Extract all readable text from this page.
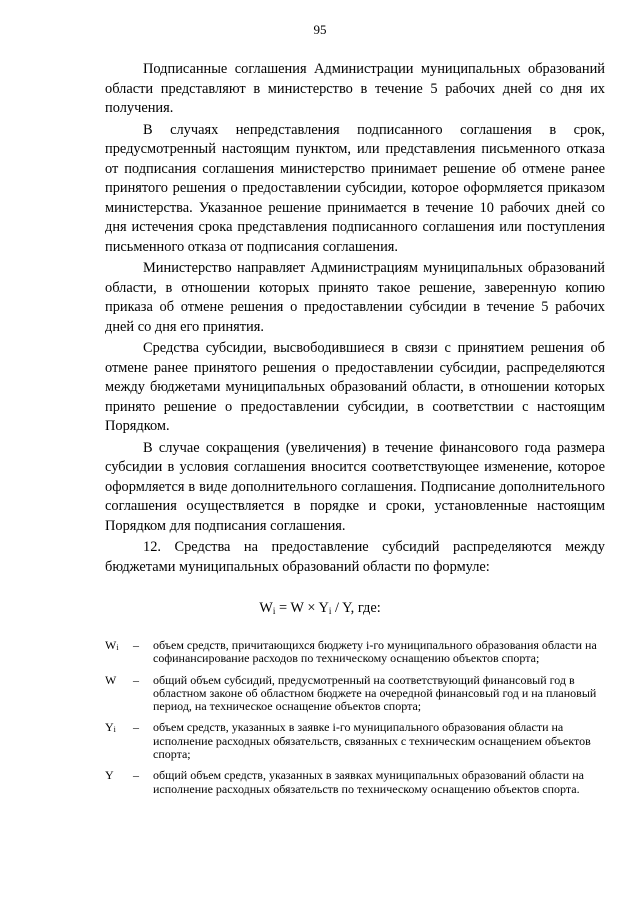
95

Подписанные соглашения Администрации муниципальных образований области представляют в министерство в течение 5 рабочих дней со дня их получения.

В случаях непредставления подписанного соглашения в срок, предусмотренный настоящим пунктом, или представления письменного отказа от подписания соглашения министерство принимает решение об отмене ранее принятого решения о предоставлении субсидии, которое оформляется приказом министерства. Указанное решение принимается в течение 10 рабочих дней со дня истечения срока представления подписанного соглашения или поступления письменного отказа от подписания соглашения.

Министерство направляет Администрациям муниципальных образований области, в отношении которых принято такое решение, заверенную копию приказа об отмене решения о предоставлении субсидии в течение 5 рабочих дней со дня его принятия.

Средства субсидии, высвободившиеся в связи с принятием решения об отмене ранее принятого решения о предоставлении субсидии, распределяются между бюджетами муниципальных образований области, в отношении которых принято решение о предоставлении субсидии, в соответствии с настоящим Порядком.

В случае сокращения (увеличения) в течение финансового года размера субсидии в условия соглашения вносится соответствующее изменение, которое оформляется в виде дополнительного соглашения. Подписание дополнительного соглашения осуществляется в порядке и сроки, установленные настоящим Порядком для подписания соглашения.

12. Средства на предоставление субсидий распределяются между бюджетами муниципальных образований области по формуле:

$W_i = W \times Y_i / Y$, где:
$W_i$	–	объем средств, причитающихся бюджету i-го муниципального образования области на софинансирование расходов по техническому оснащению объектов спорта;
W	–	общий объем субсидий, предусмотренный на соответствующий финансовый год в областном законе об областном бюджете на очередной финансовый год и на плановый период, на техническое оснащение объектов спорта;
$Y_i$	–	объем средств, указанных в заявке i-го муниципального образования области на исполнение расходных обязательств, связанных с техническим оснащением объектов спорта;
Y	–	общий объем средств, указанных в заявках муниципальных образований области на исполнение расходных обязательств по техническому оснащению объектов спорта.
